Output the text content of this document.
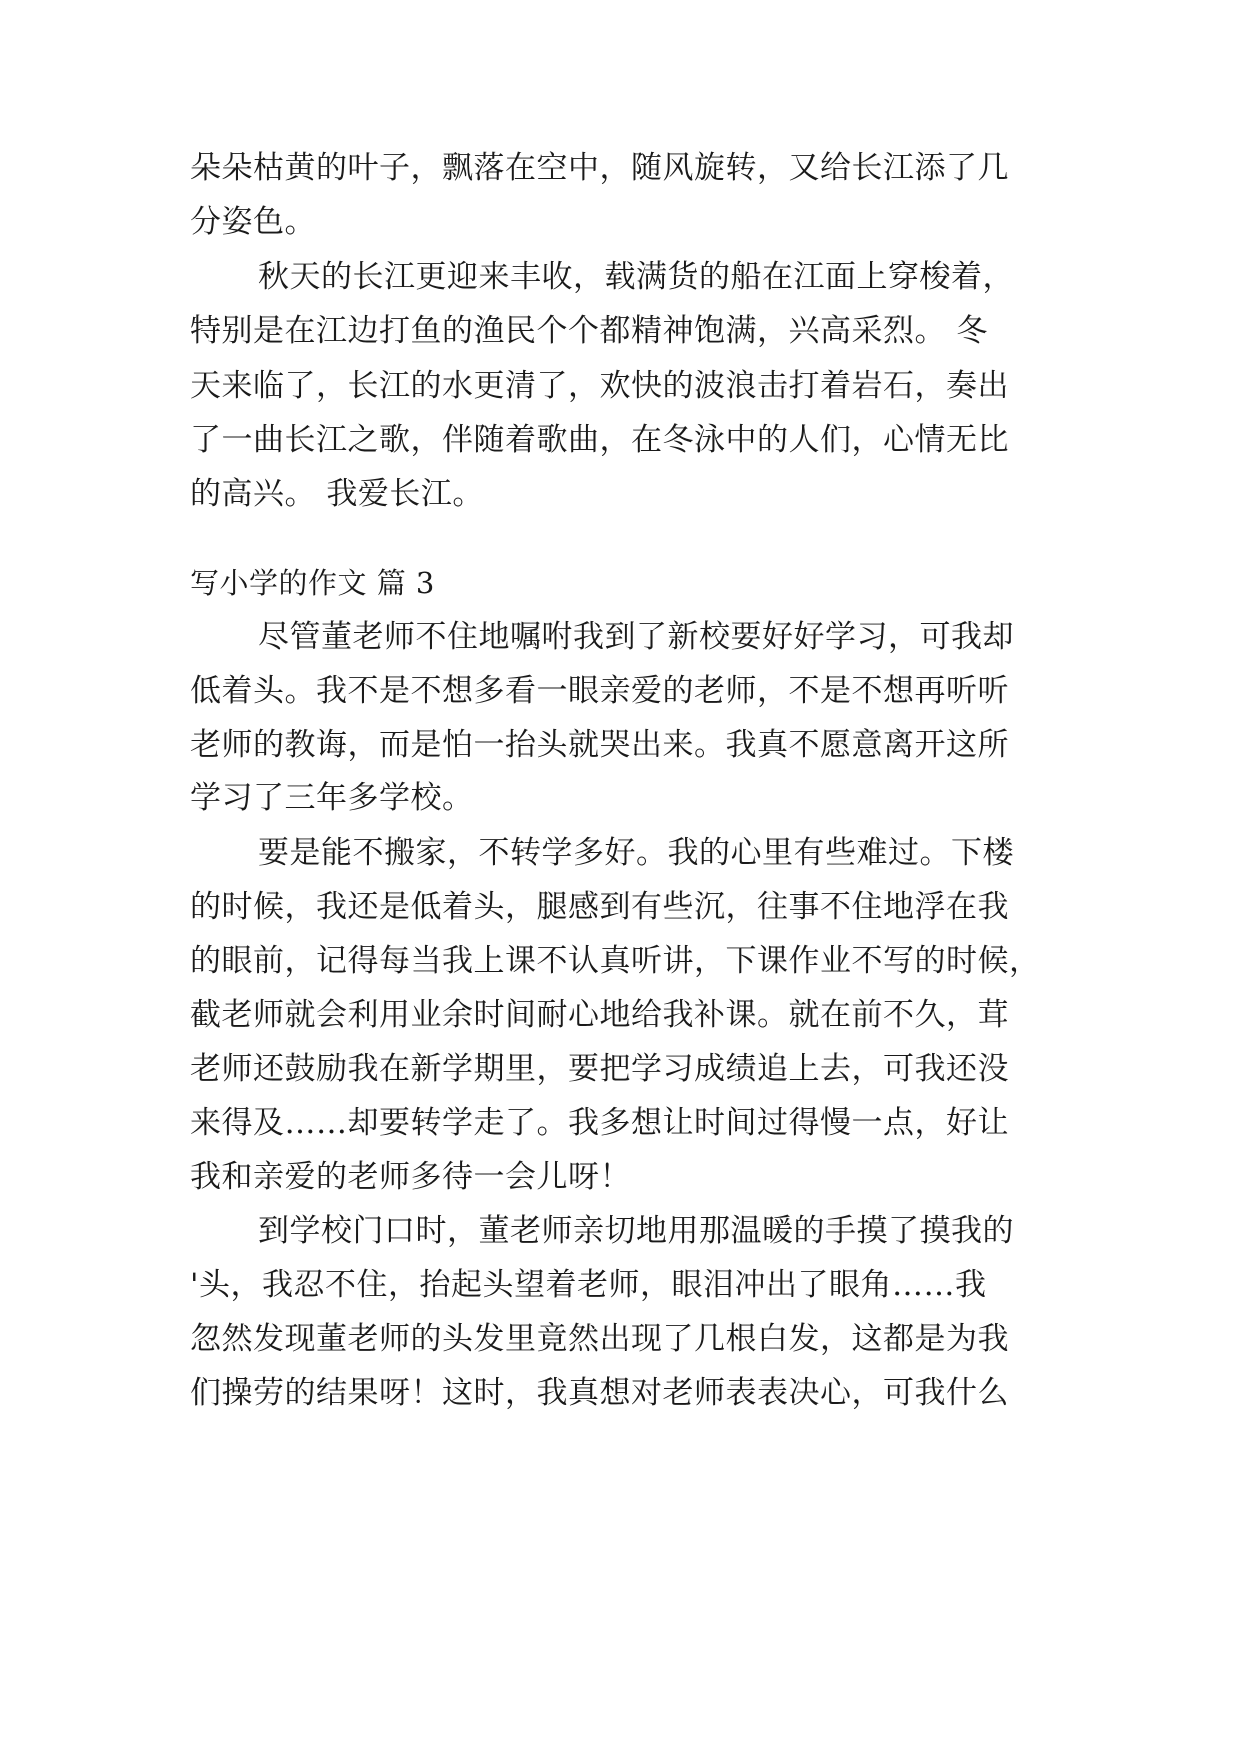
朵朵枯黄的叶子，飘落在空中，随风旋转，又给长江添了几
分姿色。
秋天的长江更迎来丰收，载满货的船在江面上穿梭着，
特别是在江边打鱼的渔民个个都精神饱满，兴高采烈。 冬
天来临了，长江的水更清了，欢快的波浪击打着岩石，奏出
了一曲长江之歌，伴随着歌曲，在冬泳中的人们，心情无比
的高兴。 我爱长江。
写小学的作文 篇 3
尽管董老师不住地嘱咐我到了新校要好好学习，可我却
低着头。我不是不想多看一眼亲爱的老师，不是不想再听听
老师的教诲，而是怕一抬头就哭出来。我真不愿意离开这所
学习了三年多学校。
要是能不搬家，不转学多好。我的心里有些难过。下楼
的时候，我还是低着头，腿感到有些沉，往事不住地浮在我
的眼前，记得每当我上课不认真听讲，下课作业不写的时候，
截老师就会利用业余时间耐心地给我补课。就在前不久，茸
老师还鼓励我在新学期里，要把学习成绩追上去，可我还没
来得及……却要转学走了。我多想让时间过得慢一点，好让
我和亲爱的老师多待一会儿呀！
到学校门口时，董老师亲切地用那温暖的手摸了摸我的
'头，我忍不住，抬起头望着老师，眼泪冲出了眼角……我
忽然发现董老师的头发里竟然出现了几根白发，这都是为我
们操劳的结果呀！这时，我真想对老师表表决心，可我什么
